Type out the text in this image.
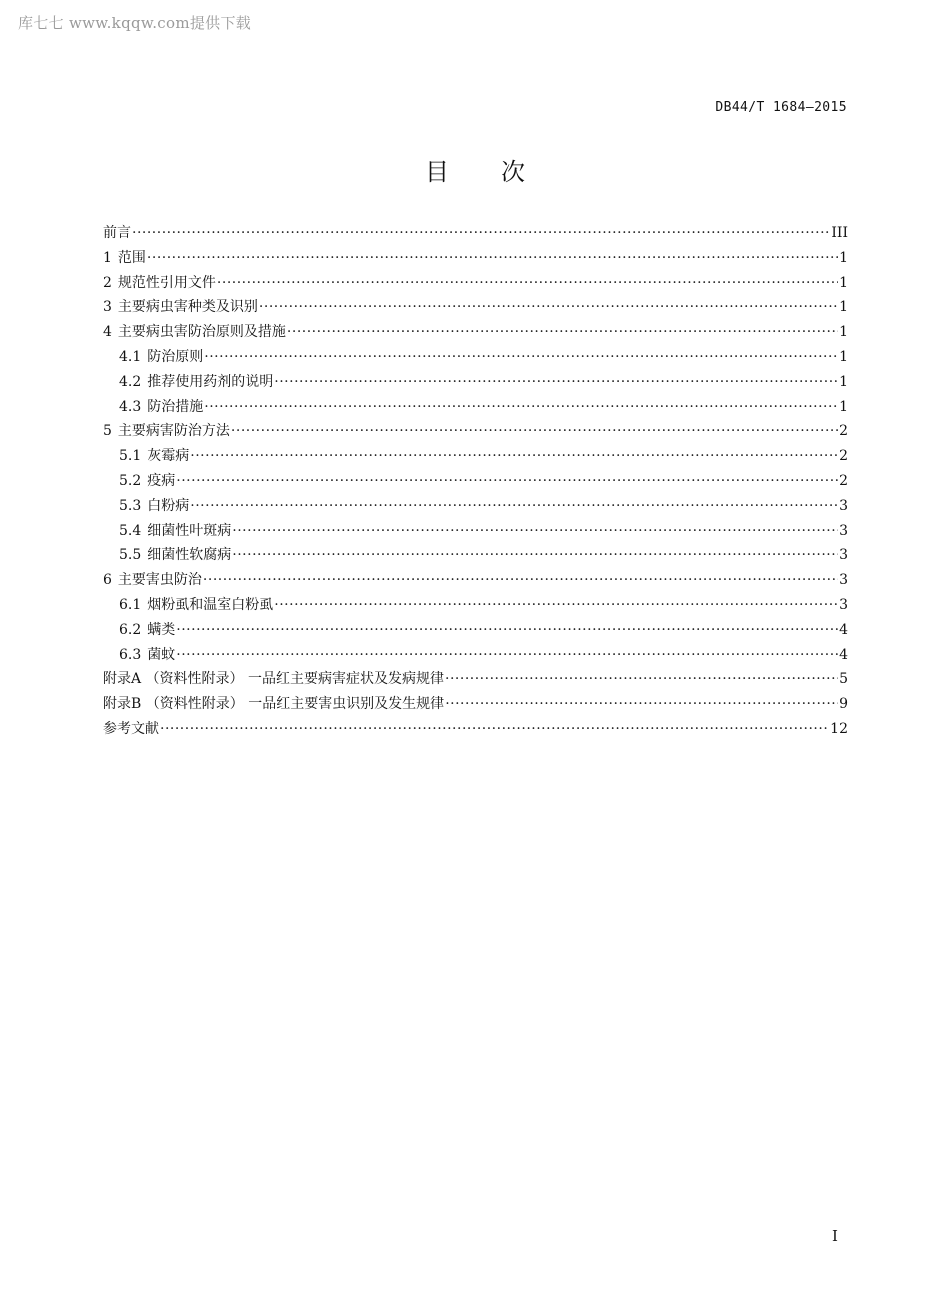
库七七 www.kqqw.com提供下载
DB44/T 1684—2015
目 次
前言 ·····	III
1 范围 ·····	1
2 规范性引用文件 ·····	1
3 主要病虫害种类及识别 ·····	1
4 主要病虫害防治原则及措施 ·····	1
4.1 防治原则 ·····	1
4.2 推荐使用药剂的说明 ·····	1
4.3 防治措施 ·····	1
5 主要病害防治方法 ·····	2
5.1 灰霉病 ·····	2
5.2 疫病 ·····	2
5.3 白粉病 ·····	3
5.4 细菌性叶斑病 ·····	3
5.5 细菌性软腐病 ·····	3
6 主要害虫防治 ·····	3
6.1 烟粉虱和温室白粉虱 ·····	3
6.2 螨类 ·····	4
6.3 菌蚊 ·····	4
附录A （资料性附录） 一品红主要病害症状及发病规律 ·····	5
附录B （资料性附录） 一品红主要害虫识别及发生规律 ·····	9
参考文献 ·····	12
I
